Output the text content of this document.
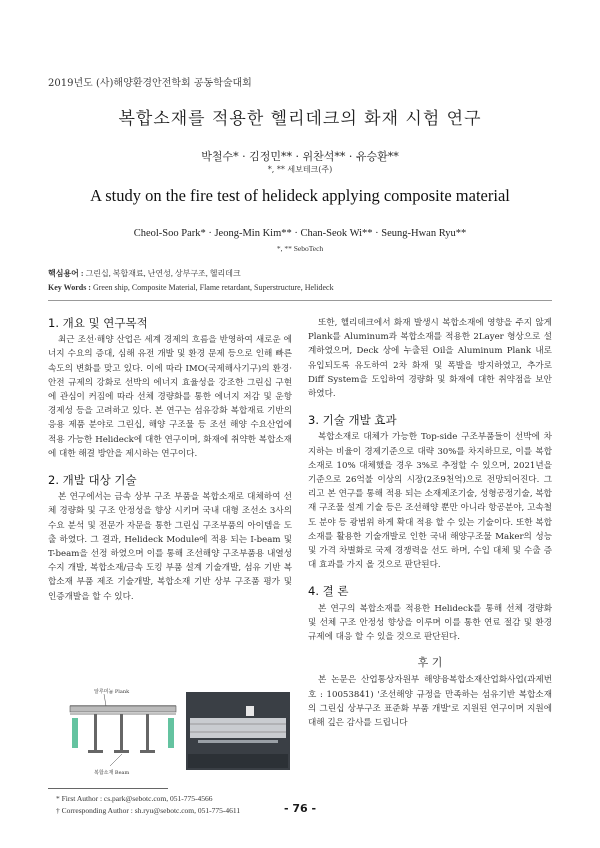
2019년도 (사)해양환경안전학회 공동학술대회
복합소재를 적용한 헬리데크의 화재 시험 연구
박철수* · 김정민** · 위찬석** · 유승환**
*, ** 세보테크(주)
A study on the fire test of helideck applying composite material
Cheol-Soo Park* · Jeong-Min Kim** · Chan-Seok Wi** · Seung-Hwan Ryu**
*, ** SeboTech
핵심용어 : 그린십, 복합재료, 난연성, 상부구조, 헬리데크
Key Words : Green ship, Composite Material, Flame retardant, Superstructure, Helideck

1. 개요 및 연구목적

최근 조선·해양 산업은 세계 경제의 흐름을 반영하여 새로운 에너지 수요의 증대, 심해 유전 개발 및 환경 문제 등으로 인해 빠른 속도의 변화를 맞고 있다. 이에 따라 IMO(국제해사기구)의 환경·안전 규제의 강화로 선박의 에너지 효율성을 강조한 그린십 구현에 관심이 커짐에 따라 선체 경량화를 통한 에너지 저감 및 운항 경제성 등을 고려하고 있다. 본 연구는 섬유강화 복합재료 기반의 응용 제품 분야로 그린십, 해양 구조물 등 조선 해양 수요산업에 적용 가능한 Helideck에 대한 연구이며, 화재에 취약한 복합소재에 대한 해결 방안을 제시하는 연구이다.

2. 개발 대상 기술

본 연구에서는 금속 상부 구조 부품을 복합소재로 대체하여 선체 경량화 및 구조 안정성을 향상 시키며 국내 대형 조선소 3사의 수요 분석 및 전문가 자문을 통한 그린십 구조부품의 아이템을 도출 하였다. 그 결과, Helideck Module에 적용 되는 I-beam 및 T-beam을 선정 하였으며 이를 통해 조선해양 구조부품용 내열성 수지 개발, 복합소재/금속 도킹 부품 설계 기술개발, 섬유 기반 복합소재 부품 제조 기술개발, 복합소재 기반 상부 구조품 평가 및 인증개발을 할 수 있다.

알루미늄 Plank
복합소재 Beam
* First Author : cs.park@sebotc.com, 051-775-4566
† Corresponding Author : sh.ryu@sebotc.com, 051-775-4611

또한, 헬리데크에서 화재 발생시 복합소재에 영향을 주지 않게 Plank를 Aluminum과 복합소재를 적용한 2Layer 형상으로 설계하였으며, Deck 상에 누출된 Oil을 Aluminum Plank 내로 유입되도록 유도하여 2차 화재 및 폭발을 방지하였고, 추가로 Diff System을 도입하여 경량화 및 화재에 대한 취약점을 보안 하였다.

3. 기술 개발 효과

복합소재로 대체가 가능한 Top-side 구조부품들이 선박에 차지하는 비율이 경제기준으로 대략 30%를 차지하므로, 이를 복합소재로 10% 대체했을 경우 3%로 추정할 수 있으며, 2021년을 기준으로 26억불 이상의 시장(2조9천억)으로 전망되어진다. 그리고 본 연구를 통해 적용 되는 소재제조기술, 성형공정기술, 복합재 구조물 설계 기술 등은 조선해양 뿐만 아니라 항공분야, 고속철도 분야 등 광범위 하게 확대 적용 할 수 있는 기술이다. 또한 복합소재를 활용한 기술개발로 인한 국내 해양구조물 Maker의 성능 및 가격 차별화로 국제 경쟁력을 선도 하며, 수입 대체 및 수출 증대 효과를 가지 올 것으로 판단된다.

4. 결 론

본 연구의 복합소재를 적용한 Helideck를 통해 선체 경량화 및 선체 구조 안정성 향상을 이루며 이를 통한 연료 절감 및 환경 규제에 대응 할 수 있을 것으로 판단된다.

후 기

본 논문은 산업통상자원부 해양융복합소재산업화사업(과제번호 : 10053841) '조선해양 규정을 만족하는 섬유기반 복합소재의 그린십 상부구조 표준화 부품 개발'로 지원된 연구이며 지원에 대해 깊은 감사를 드립니다

- 76 -
